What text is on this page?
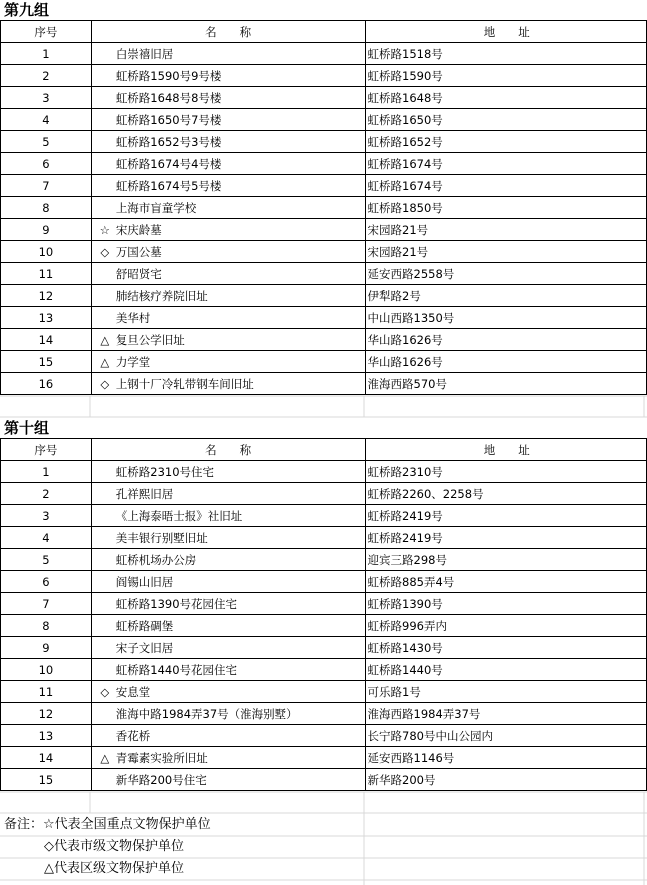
第九组
序号	名　　称	地　　址
1	白崇禧旧居	虹桥路1518号
2	虹桥路1590号9号楼	虹桥路1590号
3	虹桥路1648号8号楼	虹桥路1648号
4	虹桥路1650号7号楼	虹桥路1650号
5	虹桥路1652号3号楼	虹桥路1652号
6	虹桥路1674号4号楼	虹桥路1674号
7	虹桥路1674号5号楼	虹桥路1674号
8	上海市盲童学校	虹桥路1850号
9	☆ 宋庆龄墓	宋园路21号
10	◇ 万国公墓	宋园路21号
11	舒昭贤宅	延安西路2558号
12	肺结核疗养院旧址	伊犁路2号
13	美华村	中山西路1350号
14	△ 复旦公学旧址	华山路1626号
15	△ 力学堂	华山路1626号
16	◇ 上钢十厂冷轧带钢车间旧址	淮海西路570号
第十组
序号	名　　称	地　　址
1	虹桥路2310号住宅	虹桥路2310号
2	孔祥熙旧居	虹桥路2260、2258号
3	《上海泰晤士报》社旧址	虹桥路2419号
4	美丰银行别墅旧址	虹桥路2419号
5	虹桥机场办公房	迎宾三路298号
6	阎锡山旧居	虹桥路885弄4号
7	虹桥路1390号花园住宅	虹桥路1390号
8	虹桥路碉堡	虹桥路996弄内
9	宋子文旧居	虹桥路1430号
10	虹桥路1440号花园住宅	虹桥路1440号
11	◇ 安息堂	可乐路1号
12	淮海中路1984弄37号（淮海别墅）	淮海西路1984弄37号
13	香花桥	长宁路780号中山公园内
14	△ 青霉素实验所旧址	延安西路1146号
15	新华路200号住宅	新华路200号
备注：☆代表全国重点文物保护单位
◇代表市级文物保护单位
△代表区级文物保护单位
